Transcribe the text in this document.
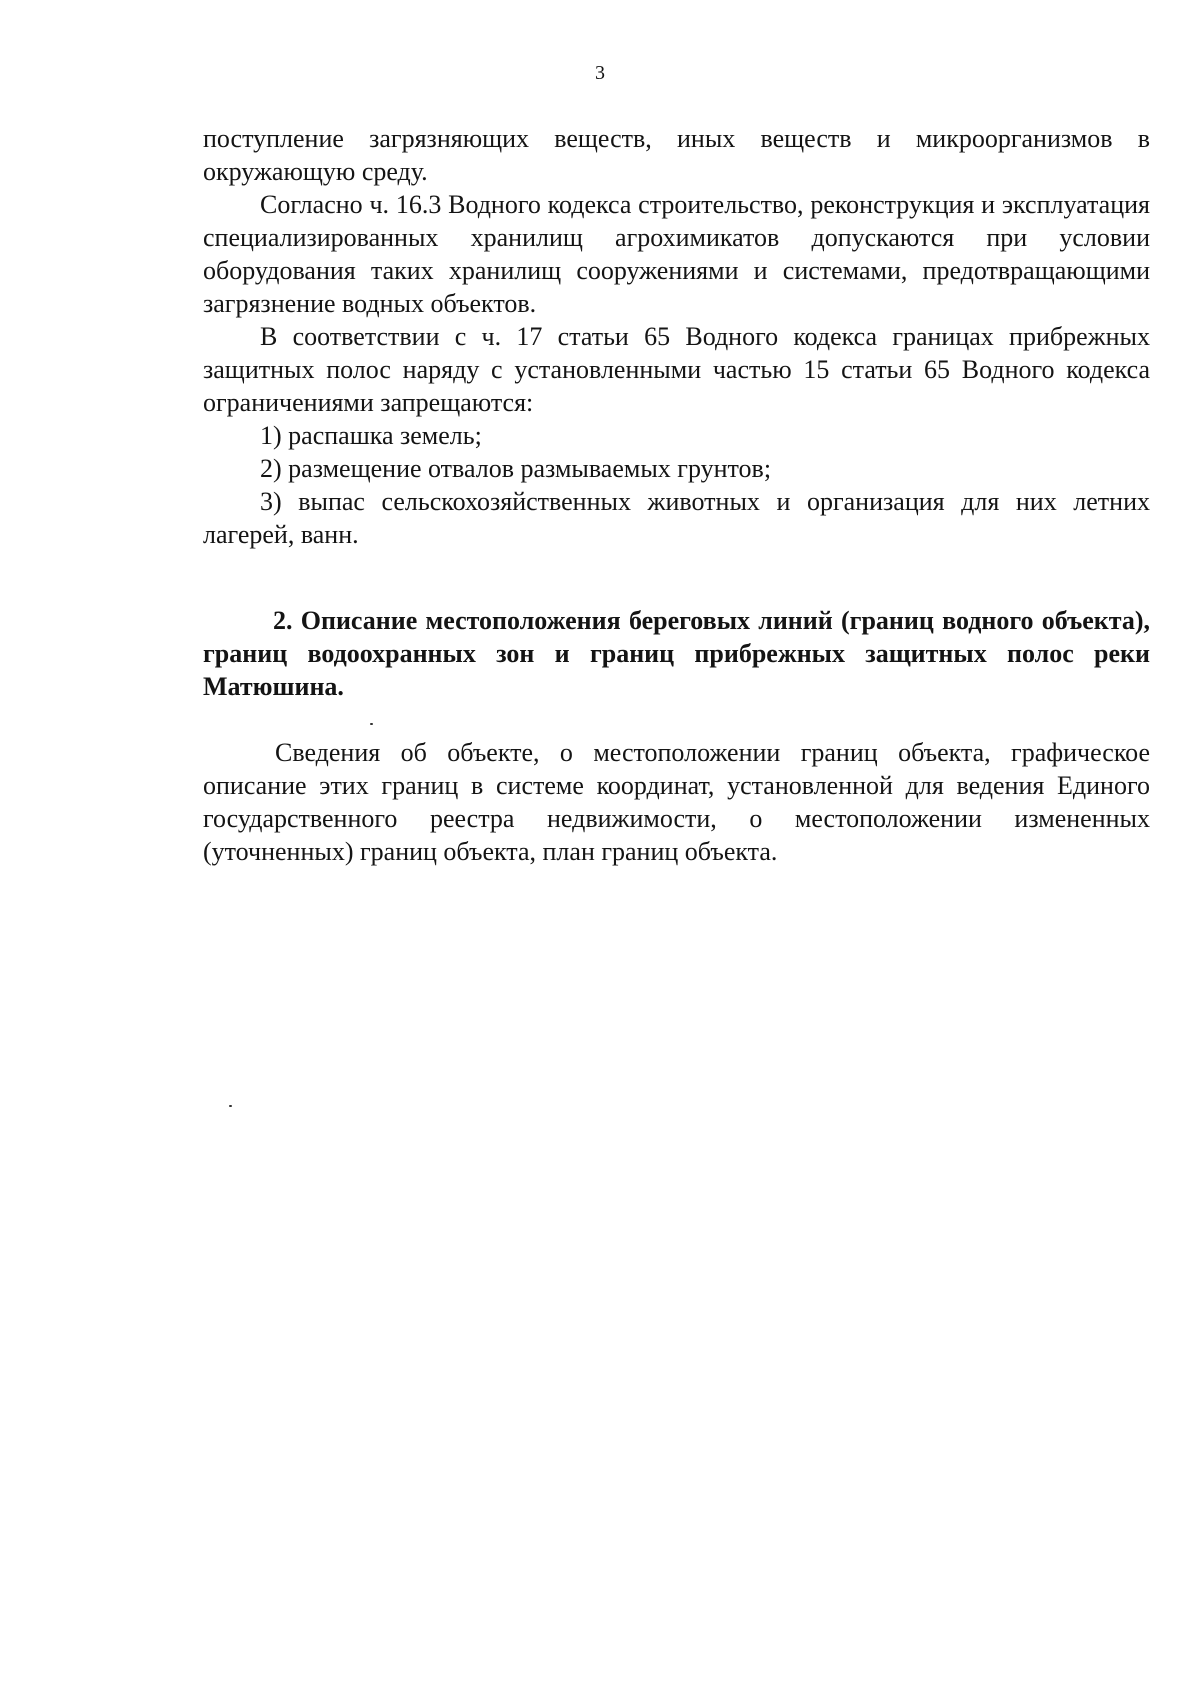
3

поступление загрязняющих веществ, иных веществ и микроорганизмов в окружающую среду.

Согласно ч. 16.3 Водного кодекса строительство, реконструкция и эксплуатация специализированных хранилищ агрохимикатов допускаются при условии оборудования таких хранилищ сооружениями и системами, предотвращающими загрязнение водных объектов.

В соответствии с ч. 17 статьи 65 Водного кодекса границах прибрежных защитных полос наряду с установленными частью 15 статьи 65 Водного кодекса ограничениями запрещаются:

1) распашка земель;

2) размещение отвалов размываемых грунтов;

3) выпас сельскохозяйственных животных и организация для них летних лагерей, ванн.

2. Описание местоположения береговых линий (границ водного объекта), границ водоохранных зон и границ прибрежных защитных полос реки Матюшина.

Сведения об объекте, о местоположении границ объекта, графическое описание этих границ в системе координат, установленной для ведения Единого государственного реестра недвижимости, о местоположении измененных (уточненных) границ объекта, план границ объекта.
